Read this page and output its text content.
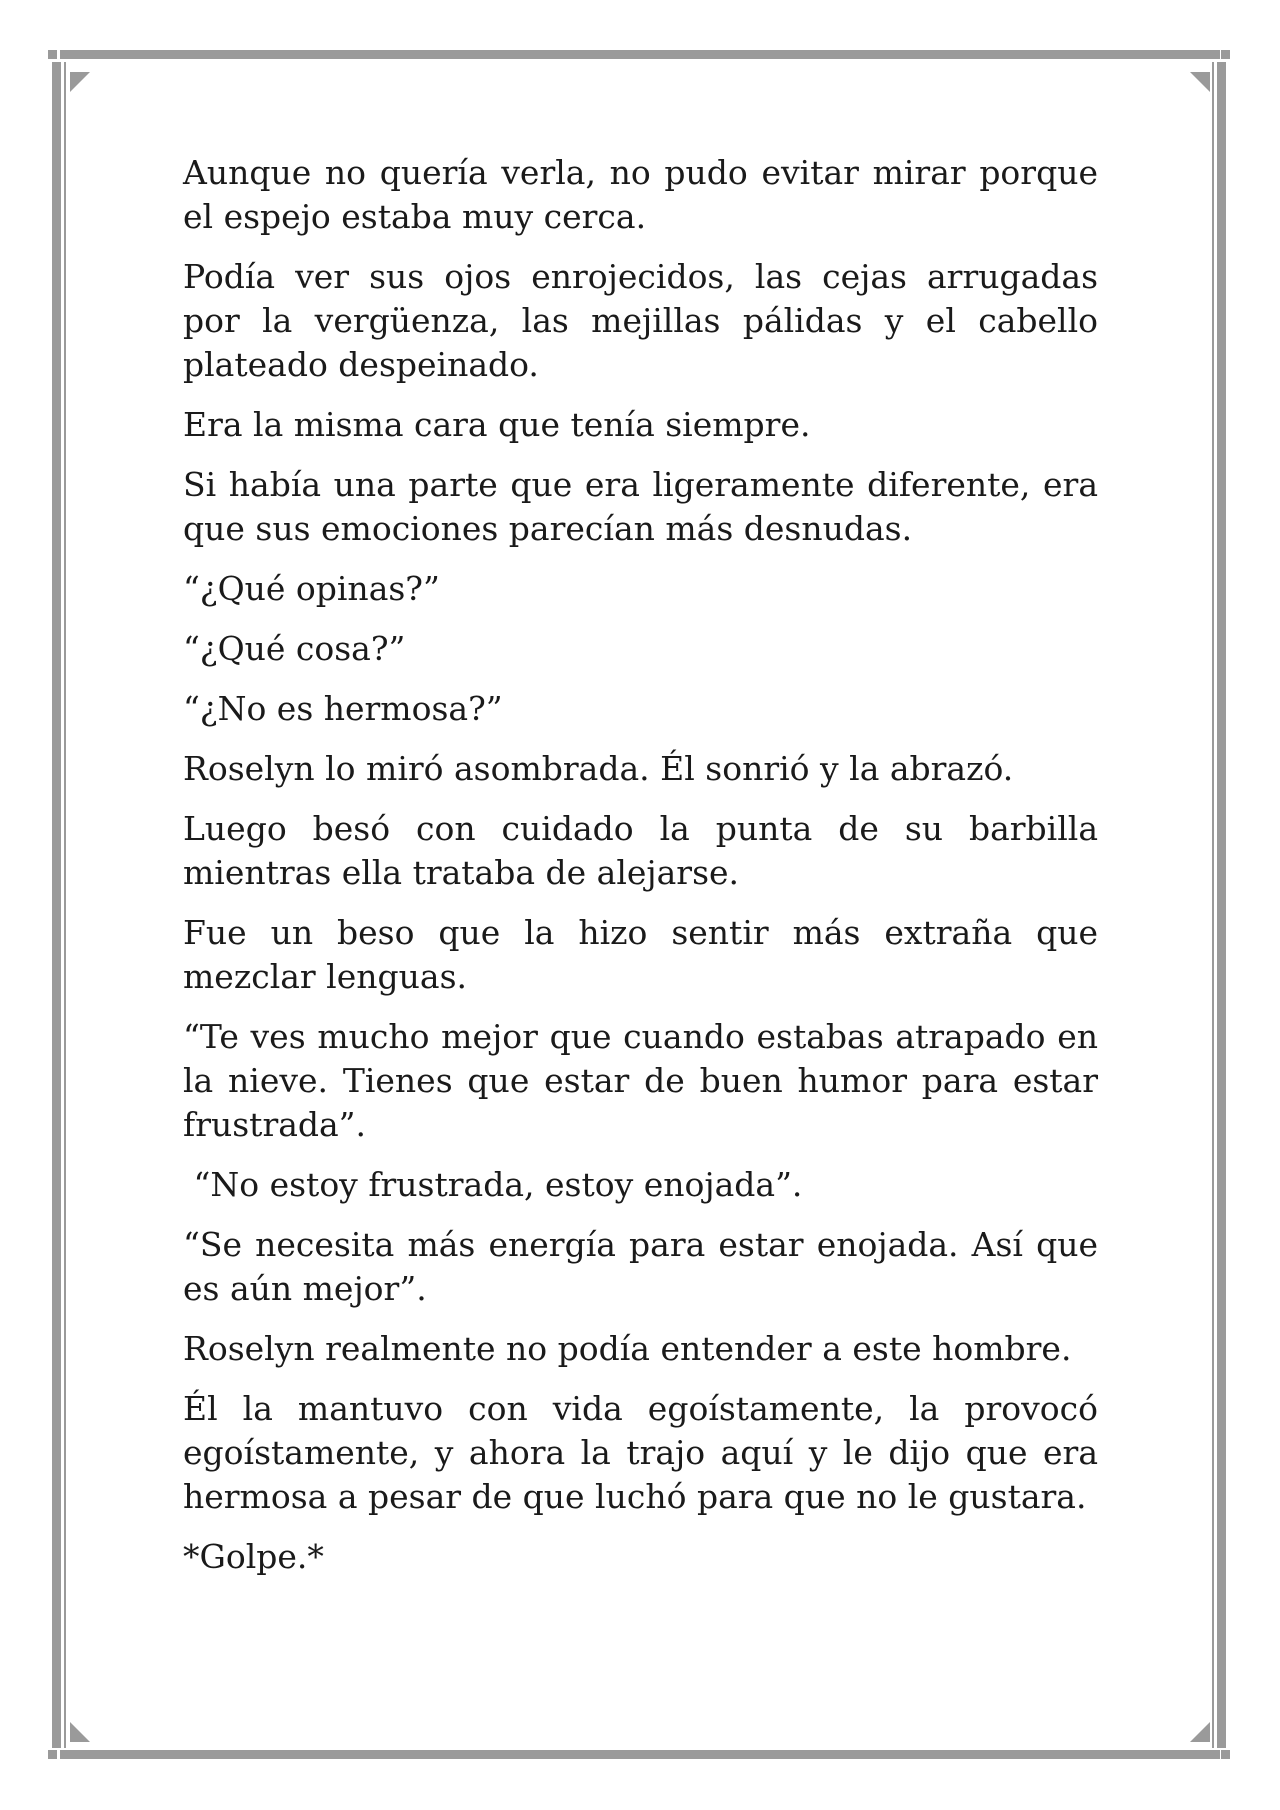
Aunque no quería verla, no pudo evitar mirar porque el espejo estaba muy cerca.

Podía ver sus ojos enrojecidos, las cejas arrugadas por la vergüenza, las mejillas pálidas y el cabello plateado despeinado.

Era la misma cara que tenía siempre.

Si había una parte que era ligeramente diferente, era que sus emociones parecían más desnudas.

“¿Qué opinas?”

“¿Qué cosa?”

“¿No es hermosa?”

Roselyn lo miró asombrada. Él sonrió y la abrazó.

Luego besó con cuidado la punta de su barbilla mientras ella trataba de alejarse.

Fue un beso que la hizo sentir más extraña que mezclar lenguas.

“Te ves mucho mejor que cuando estabas atrapado en la nieve. Tienes que estar de buen humor para estar frustrada”.

“No estoy frustrada, estoy enojada”.

“Se necesita más energía para estar enojada. Así que es aún mejor”.

Roselyn realmente no podía entender a este hombre.

Él la mantuvo con vida egoístamente, la provocó egoístamente, y ahora la trajo aquí y le dijo que era hermosa a pesar de que luchó para que no le gustara.

*Golpe.*
